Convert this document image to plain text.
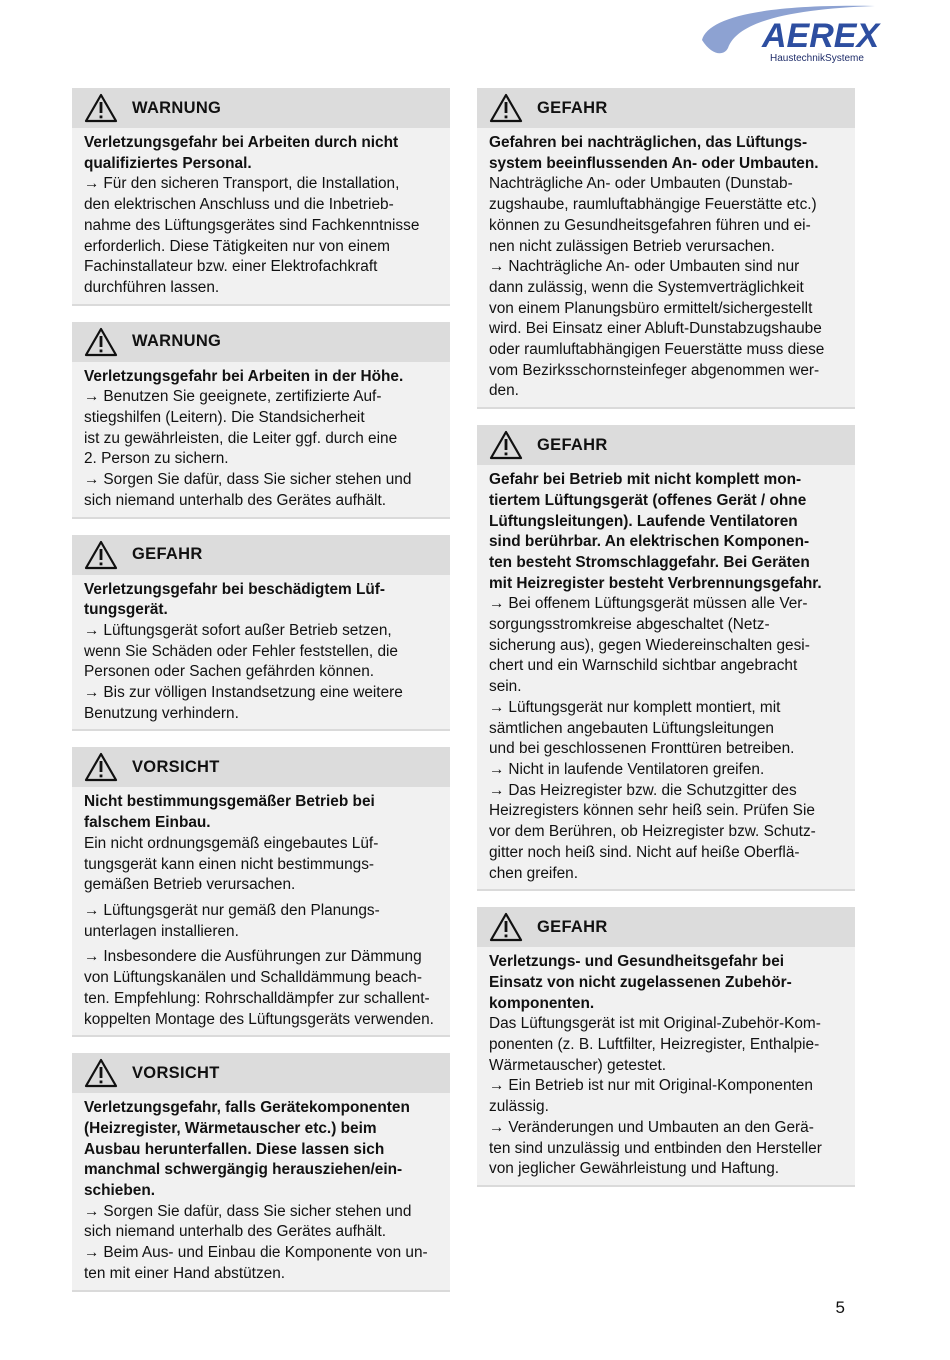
AEREX
HaustechnikSysteme
WARNUNG
Verletzungsgefahr bei Arbeiten durch nicht
qualifiziertes Personal.
→ Für den sicheren Transport, die Installation,
den elektrischen Anschluss und die Inbetrieb-
nahme des Lüftungsgerätes sind Fachkenntnisse
erforderlich. Diese Tätigkeiten nur von einem
Fachinstallateur bzw. einer Elektrofachkraft
durchführen lassen.
WARNUNG
Verletzungsgefahr bei Arbeiten in der Höhe.
→ Benutzen Sie geeignete, zertifizierte Auf-
stiegshilfen (Leitern). Die Standsicherheit
ist zu gewährleisten, die Leiter ggf. durch eine
2. Person zu sichern.
→ Sorgen Sie dafür, dass Sie sicher stehen und
sich niemand unterhalb des Gerätes aufhält.
GEFAHR
Verletzungsgefahr bei beschädigtem Lüf-
tungsgerät.
→ Lüftungsgerät sofort außer Betrieb setzen,
wenn Sie Schäden oder Fehler feststellen, die
Personen oder Sachen gefährden können.
→ Bis zur völligen Instandsetzung eine weitere
Benutzung verhindern.
VORSICHT
Nicht bestimmungsgemäßer Betrieb bei
falschem Einbau.
Ein nicht ordnungsgemäß eingebautes Lüf-
tungsgerät kann einen nicht bestimmungs-
gemäßen Betrieb verursachen.
→ Lüftungsgerät nur gemäß den Planungs-
unterlagen installieren.
→ Insbesondere die Ausführungen zur Dämmung
von Lüftungskanälen und Schalldämmung beach-
ten. Empfehlung: Rohrschalldämpfer zur schallent-
koppelten Montage des Lüftungsgeräts verwenden.
VORSICHT
Verletzungsgefahr, falls Gerätekomponenten
(Heizregister, Wärmetauscher etc.) beim
Ausbau herunterfallen. Diese lassen sich
manchmal schwergängig herausziehen/ein-
schieben.
→ Sorgen Sie dafür, dass Sie sicher stehen und
sich niemand unterhalb des Gerätes aufhält.
→ Beim Aus- und Einbau die Komponente von un-
ten mit einer Hand abstützen.
GEFAHR
Gefahren bei nachträglichen, das Lüftungs-
system beeinflussenden An- oder Umbauten.
Nachträgliche An- oder Umbauten (Dunstab-
zugshaube, raumluftabhängige Feuerstätte etc.)
können zu Gesundheitsgefahren führen und ei-
nen nicht zulässigen Betrieb verursachen.
→ Nachträgliche An- oder Umbauten sind nur
dann zulässig, wenn die Systemverträglichkeit
von einem Planungsbüro ermittelt/sichergestellt
wird. Bei Einsatz einer Abluft-Dunstabzugshaube
oder raumluftabhängigen Feuerstätte muss diese
vom Bezirksschornsteinfeger abgenommen wer-
den.
GEFAHR
Gefahr bei Betrieb mit nicht komplett mon-
tiertem Lüftungsgerät (offenes Gerät / ohne
Lüftungsleitungen). Laufende Ventilatoren
sind berührbar. An elektrischen Komponen-
ten besteht Stromschlaggefahr. Bei Geräten
mit Heizregister besteht Verbrennungsgefahr.
→ Bei offenem Lüftungsgerät müssen alle Ver-
sorgungsstromkreise abgeschaltet (Netz-
sicherung aus), gegen Wiedereinschalten gesi-
chert und ein Warnschild sichtbar angebracht
sein.
→ Lüftungsgerät nur komplett montiert, mit
sämtlichen angebauten Lüftungsleitungen
und bei geschlossenen Fronttüren betreiben.
→ Nicht in laufende Ventilatoren greifen.
→ Das Heizregister bzw. die Schutzgitter des
Heizregisters können sehr heiß sein. Prüfen Sie
vor dem Berühren, ob Heizregister bzw. Schutz-
gitter noch heiß sind. Nicht auf heiße Oberflä-
chen greifen.
GEFAHR
Verletzungs- und Gesundheitsgefahr bei
Einsatz von nicht zugelassenen Zubehör-
komponenten.
Das Lüftungsgerät ist mit Original-Zubehör-Kom-
ponenten (z. B. Luftfilter, Heizregister, Enthalpie-
Wärmetauscher) getestet.
→ Ein Betrieb ist nur mit Original-Komponenten
zulässig.
→ Veränderungen und Umbauten an den Gerä-
ten sind unzulässig und entbinden den Hersteller
von jeglicher Gewährleistung und Haftung.
5
